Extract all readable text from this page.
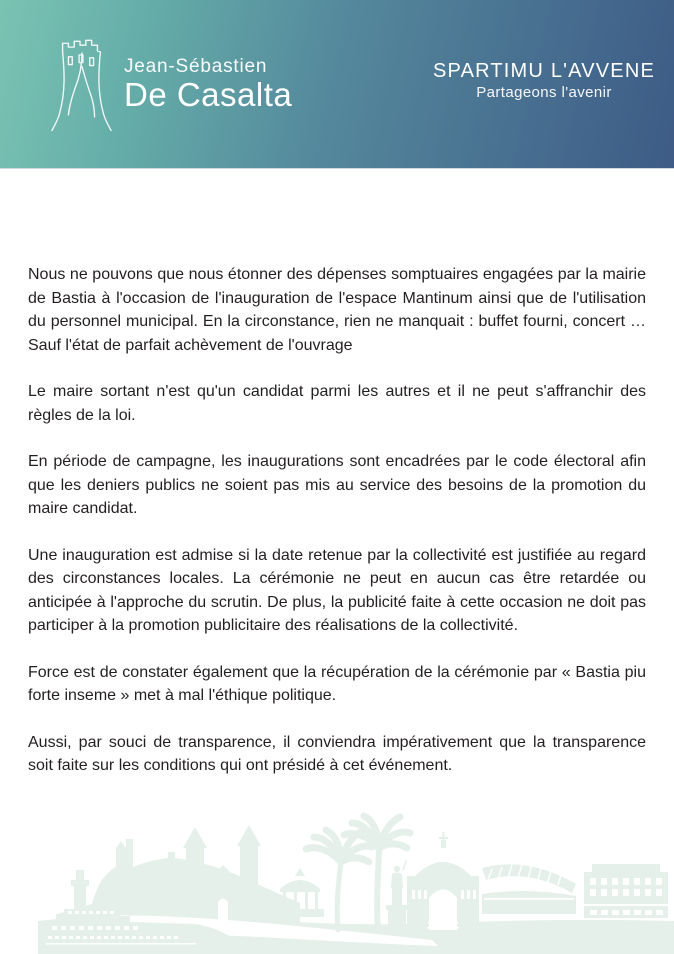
Jean-Sébastien
De Casalta
SPARTIMU L'AVVENE
Partageons l'avenir

Nous ne pouvons que nous étonner des dépenses somptuaires engagées par la mairie de Bastia à l'occasion de l'inauguration de l'espace Mantinum ainsi que de l'utilisation du personnel municipal. En la circonstance, rien ne manquait : buffet fourni, concert … Sauf l'état de parfait achèvement de l'ouvrage

Le maire sortant n'est qu'un candidat parmi les autres et il ne peut s'affranchir des règles de la loi.

En période de campagne, les inaugurations sont encadrées par le code électoral afin que les deniers publics ne soient pas mis au service des besoins de la promotion du maire candidat.

Une inauguration est admise si la date retenue par la collectivité est justifiée au regard des circonstances locales. La cérémonie ne peut en aucun cas être retardée ou anticipée à l'approche du scrutin. De plus, la publicité faite à cette occasion ne doit pas participer à la promotion publicitaire des réalisations de la collectivité.

Force est de constater également que la récupération de la cérémonie par « Bastia piu forte inseme » met à mal l'éthique politique.

Aussi, par souci de transparence, il conviendra impérativement que la transparence soit faite sur les conditions qui ont présidé à cet événement.
